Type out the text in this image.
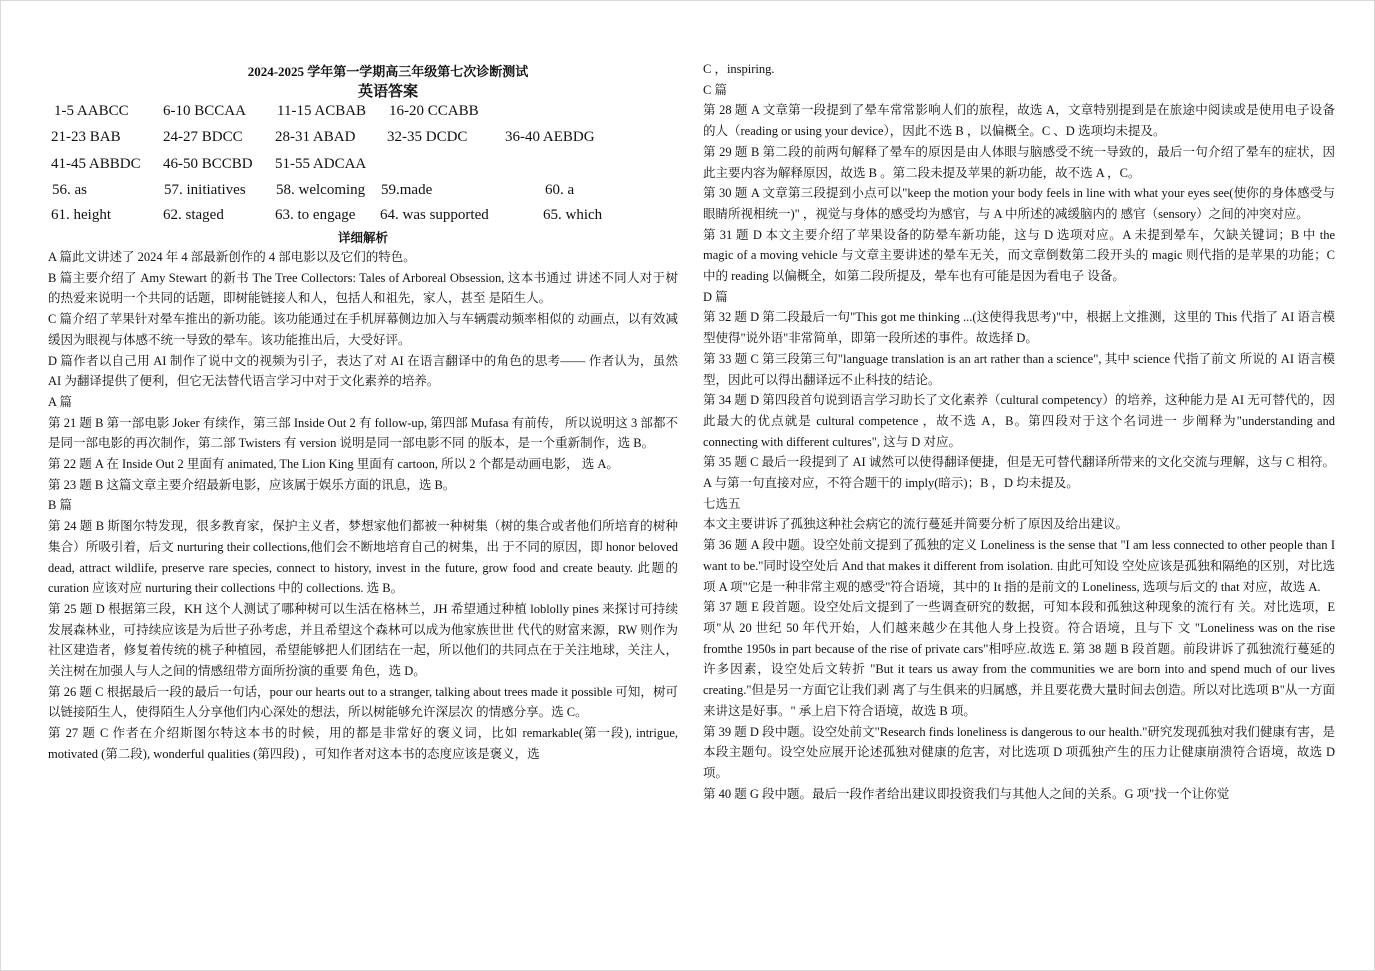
2024-2025 学年第一学期高三年级第七次诊断测试
英语答案
1-5 AABCC 6-10 BCCAA 11-15 ACBAB 16-20 CCABB
21-23 BAB	24-27 BDCC 28-31 ABAD 32-35 DCDC	36-40 AEBDG
41-45 ABBDC 46-50 BCCBD 51-55 ADCAA
56. as	57. initiatives 58. welcoming 59.made	60. a
61. height	62. staged	63. to engage 64. was supported	65. which
详细解析

A 篇此文讲述了 2024 年 4 部最新创作的 4 部电影以及它们的特色。

B 篇主要介绍了 Amy Stewart 的新书 The Tree Collectors: Tales of Arboreal Obsession, 这本书通过 讲述不同人对于树的热爱来说明一个共同的话题，即树能链接人和人，包括人和祖先，家人，甚至 是陌生人。

C 篇介绍了苹果针对晕车推出的新功能。该功能通过在手机屏幕侧边加入与车辆震动频率相似的 动画点，以有效减缓因为眼视与体感不统一导致的晕车。该功能推出后，大受好评。

D 篇作者以自己用 AI 制作了说中文的视频为引子，表达了对 AI 在语言翻译中的角色的思考—— 作者认为，虽然 AI 为翻译提供了便利，但它无法替代语言学习中对于文化素养的培养。

A 篇

第 21 题 B 第一部电影 Joker 有续作，第三部 Inside Out 2 有 follow-up, 第四部 Mufasa 有前传， 所以说明这 3 部都不是同一部电影的再次制作，第二部 Twisters 有 version 说明是同一部电影不同 的版本，是一个重新制作，选 B。

第 22 题 A 在 Inside Out 2 里面有 animated, The Lion King 里面有 cartoon, 所以 2 个都是动画电影， 选 A。

第 23 题 B 这篇文章主要介绍最新电影，应该属于娱乐方面的讯息，选 B。

B 篇

第 24 题 B 斯图尔特发现，很多教育家，保护主义者，梦想家他们都被一种树集（树的集合或者他们所培育的树种集合）所吸引着，后文 nurturing their collections,他们会不断地培育自己的树集，出 于不同的原因，即 honor beloved dead, attract wildlife, preserve rare species, connect to history, invest in the future, grow food and create beauty. 此题的 curation 应该对应 nurturing their collections 中的 collections. 选 B。

第 25 题 D 根据第三段，KH 这个人测试了哪种树可以生活在格林兰，JH 希望通过种植 loblolly pines 来探讨可持续发展森林业，可持续应该是为后世子孙考虑，并且希望这个森林可以成为他家族世世 代代的财富来源，RW 则作为社区建造者，修复着传统的桃子种植园，希望能够把人们团结在一起，所以他们的共同点在于关注地球，关注人，关注树在加强人与人之间的情感纽带方面所扮演的重要 角色，选 D。

第 26 题 C 根据最后一段的最后一句话，pour our hearts out to a stranger, talking about trees made it possible 可知，树可以链接陌生人，使得陌生人分享他们内心深处的想法，所以树能够允许深层次 的情感分享。选 C。

第 27 题 C 作者在介绍斯图尔特这本书的时候，用的都是非常好的褒义词，比如 remarkable(第一段), intrigue, motivated (第二段), wonderful qualities (第四段) ，可知作者对这本书的态度应该是褒义，选

C ，inspiring.

C 篇

第 28 题 A 文章第一段提到了晕车常常影响人们的旅程，故选 A，文章特别提到是在旅途中阅读或是使用电子设备的人（reading or using your device），因此不选 B ，以偏概全。C 、D 选项均未提及。

第 29 题 B 第二段的前两句解释了晕车的原因是由人体眼与脑感受不统一导致的，最后一句介绍了晕车的症状，因此主要内容为解释原因，故选 B 。第二段未提及苹果的新功能，故不选 A ，C。

第 30 题 A 文章第三段提到小点可以"keep the motion your body feels in line with what your eyes see(使你的身体感受与眼睛所视相统一)" ，视觉与身体的感受均为感官，与 A 中所述的减缓脑内的 感官（sensory）之间的冲突对应。

第 31 题 D 本文主要介绍了苹果设备的防晕车新功能，这与 D 选项对应。A 未提到晕车，欠缺关键词；B 中 the magic of a moving vehicle 与文章主要讲述的晕车无关，而文章倒数第二段开头的 magic 则代指的是苹果的功能；C 中的 reading 以偏概全，如第二段所提及，晕车也有可能是因为看电子 设备。

D 篇

第 32 题 D 第二段最后一句"This got me thinking ...(这使得我思考)"中，根据上文推测，这里的 This 代指了 AI 语言模型使得"说外语"非常简单，即第一段所述的事件。故选择 D。

第 33 题 C 第三段第三句"language translation is an art rather than a science", 其中 science 代指了前文 所说的 AI 语言模型，因此可以得出翻译远不止科技的结论。

第 34 题 D 第四段首句说到语言学习助长了文化素养（cultural competency）的培养，这种能力是 AI 无可替代的，因此最大的优点就是 cultural competence ，故不选 A，B。第四段对于这个名词进一 步阐释为"understanding and connecting with different cultures", 这与 D 对应。

第 35 题 C 最后一段提到了 AI 诚然可以使得翻译便捷，但是无可替代翻译所带来的文化交流与理解，这与 C 相符。A 与第一句直接对应，不符合题干的 imply(暗示)；B ，D 均未提及。

七选五

本文主要讲诉了孤独这种社会病它的流行蔓延并简要分析了原因及给出建议。

第 36 题 A 段中题。设空处前文提到了孤独的定义 Loneliness is the sense that "I am less connected to other people than I want to be."同时设空处后 And that makes it different from isolation. 由此可知设 空处应该是孤独和隔绝的区别，对比选项 A 项"它是一种非常主观的感受"符合语境，其中的 It 指的是前文的 Loneliness, 选项与后文的 that 对应，故选 A.

第 37 题 E 段首题。设空处后文提到了一些调查研究的数据，可知本段和孤独这种现象的流行有 关。对比选项，E 项"从 20 世纪 50 年代开始，人们越来越少在其他人身上投资。符合语境，且与下 文 "Loneliness was on the rise fromthe 1950s in part because of the rise of private cars"相呼应.故选 E. 第 38 题 B 段首题。前段讲诉了孤独流行蔓延的许多因素，设空处后文转折 "But it tears us away from the communities we are born into and spend much of our lives creating."但是另一方面它让我们剥 离了与生俱来的归属感，并且要花费大量时间去创造。所以对比选项 B"从一方面来讲这是好事。" 承上启下符合语境，故选 B 项。

第 39 题 D 段中题。设空处前文"Research finds loneliness is dangerous to our health."研究发现孤独对我们健康有害，是本段主题句。设空处应展开论述孤独对健康的危害，对比选项 D 项孤独产生的压力让健康崩溃符合语境，故选 D 项。

第 40 题 G 段中题。最后一段作者给出建议即投资我们与其他人之间的关系。G 项"找一个让你觉
